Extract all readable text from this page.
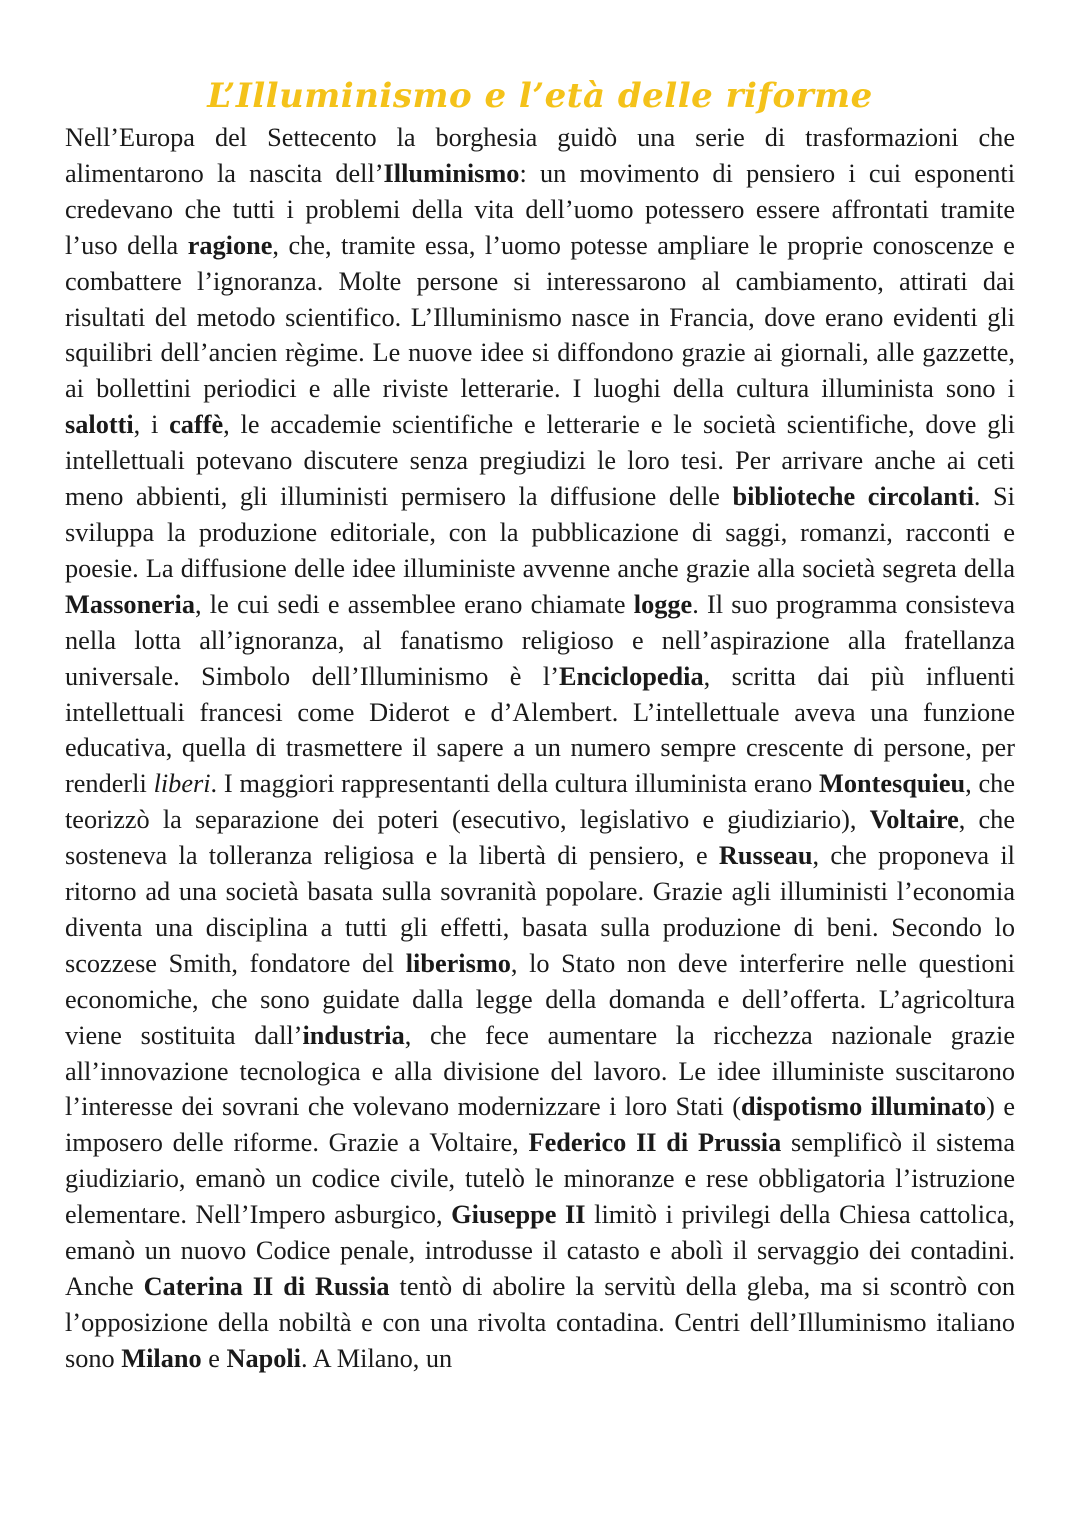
L’Illuminismo e l’età delle riforme

Nell’Europa del Settecento la borghesia guidò una serie di trasformazioni che alimentarono la nascita dell’Illuminismo: un movimento di pensiero i cui esponenti credevano che tutti i problemi della vita dell’uomo potessero essere affrontati tramite l’uso della ragione, che, tramite essa, l’uomo potesse ampliare le proprie conoscenze e combattere l’ignoranza. Molte persone si interessarono al cambiamento, attirati dai risultati del metodo scientifico. L’Illuminismo nasce in Francia, dove erano evidenti gli squilibri dell’ancien règime. Le nuove idee si diffondono grazie ai giornali, alle gazzette, ai bollettini periodici e alle riviste letterarie. I luoghi della cultura illuminista sono i salotti, i caffè, le accademie scientifiche e letterarie e le società scientifiche, dove gli intellettuali potevano discutere senza pregiudizi le loro tesi. Per arrivare anche ai ceti meno abbienti, gli illuministi permisero la diffusione delle biblioteche circolanti. Si sviluppa la produzione editoriale, con la pubblicazione di saggi, romanzi, racconti e poesie. La diffusione delle idee illuministe avvenne anche grazie alla società segreta della Massoneria, le cui sedi e assemblee erano chiamate logge. Il suo programma consisteva nella lotta all’ignoranza, al fanatismo religioso e nell’aspirazione alla fratellanza universale. Simbolo dell’Illuminismo è l’Enciclopedia, scritta dai più influenti intellettuali francesi come Diderot e d’Alembert. L’intellettuale aveva una funzione educativa, quella di trasmettere il sapere a un numero sempre crescente di persone, per renderli liberi. I maggiori rappresentanti della cultura illuminista erano Montesquieu, che teorizzò la separazione dei poteri (esecutivo, legislativo e giudiziario), Voltaire, che sosteneva la tolleranza religiosa e la libertà di pensiero, e Russeau, che proponeva il ritorno ad una società basata sulla sovranità popolare. Grazie agli illuministi l’economia diventa una disciplina a tutti gli effetti, basata sulla produzione di beni. Secondo lo scozzese Smith, fondatore del liberismo, lo Stato non deve interferire nelle questioni economiche, che sono guidate dalla legge della domanda e dell’offerta. L’agricoltura viene sostituita dall’industria, che fece aumentare la ricchezza nazionale grazie all’innovazione tecnologica e alla divisione del lavoro. Le idee illuministe suscitarono l’interesse dei sovrani che volevano modernizzare i loro Stati (dispotismo illuminato) e imposero delle riforme. Grazie a Voltaire, Federico II di Prussia semplificò il sistema giudiziario, emanò un codice civile, tutelò le minoranze e rese obbligatoria l’istruzione elementare. Nell’Impero asburgico, Giuseppe II limitò i privilegi della Chiesa cattolica, emanò un nuovo Codice penale, introdusse il catasto e abolì il servaggio dei contadini. Anche Caterina II di Russia tentò di abolire la servitù della gleba, ma si scontrò con l’opposizione della nobiltà e con una rivolta contadina. Centri dell’Illuminismo italiano sono Milano e Napoli. A Milano, un
